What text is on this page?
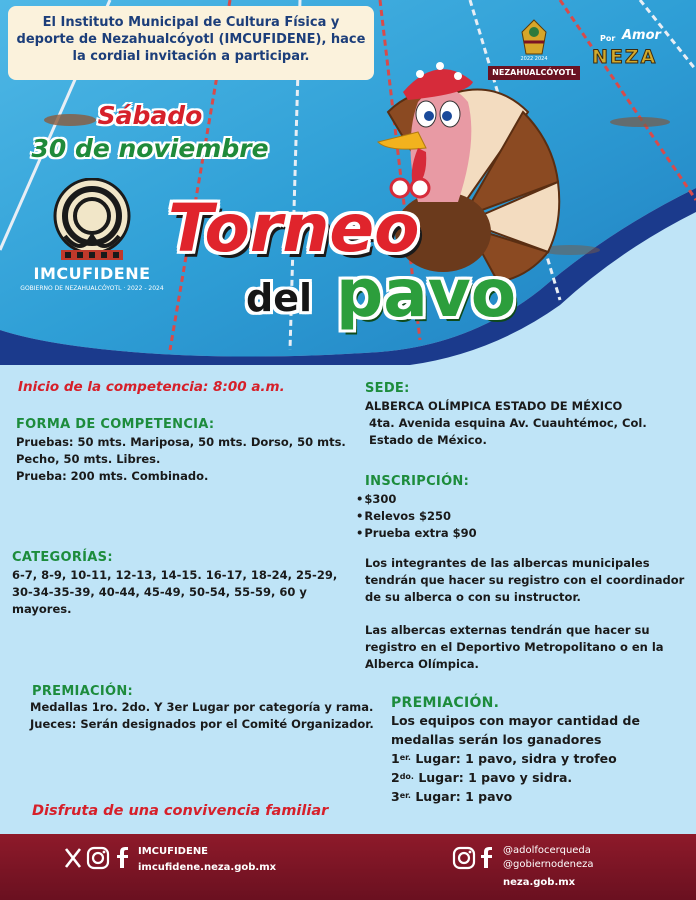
El Instituto Municipal de Cultura Física y deporte de Nezahualcóyotl (IMCUFIDENE), hace la cordial invitación a participar.
Sábado
30 de noviembre
IMCUFIDENE
GOBIERNO DE NEZAHUALCÓYOTL · 2022 - 2024
Torneo
del pavo
2022 2024
NEZAHUALCÓYOTL
Por Amor
NEZA
Inicio de la competencia: 8:00 a.m.
FORMA DE COMPETENCIA:
Pruebas: 50 mts. Mariposa, 50 mts. Dorso, 50 mts. Pecho, 50 mts. Libres.
Prueba: 200 mts. Combinado.
CATEGORÍAS:
6-7, 8-9, 10-11, 12-13, 14-15. 16-17, 18-24, 25-29, 30-34-35-39, 40-44, 45-49, 50-54, 55-59, 60 y mayores.
PREMIACIÓN:
Medallas 1ro. 2do. Y 3er Lugar por categoría y rama.
Jueces: Serán designados por el Comité Organizador.
Disfruta de una convivencia familiar
SEDE:
ALBERCA OLÍMPICA ESTADO DE MÉXICO
4ta. Avenida esquina Av. Cuauhtémoc, Col. Estado de México.
INSCRIPCIÓN:
• $300
• Relevos $250
• Prueba extra $90
Los integrantes de las albercas municipales tendrán que hacer su registro con el coordinador de su alberca o con su instructor.
Las albercas externas tendrán que hacer su registro en el Deportivo Metropolitano o en la Alberca Olímpica.
PREMIACIÓN.
Los equipos con mayor cantidad de medallas serán los ganadores
$1^{er.}$ Lugar: 1 pavo, sidra y trofeo
$2^{do.}$ Lugar: 1 pavo y sidra.
$3^{er.}$ Lugar: 1 pavo
IMCUFIDENE
imcufidene.neza.gob.mx
@adolfocerqueda
@gobiernodeneza
neza.gob.mx
